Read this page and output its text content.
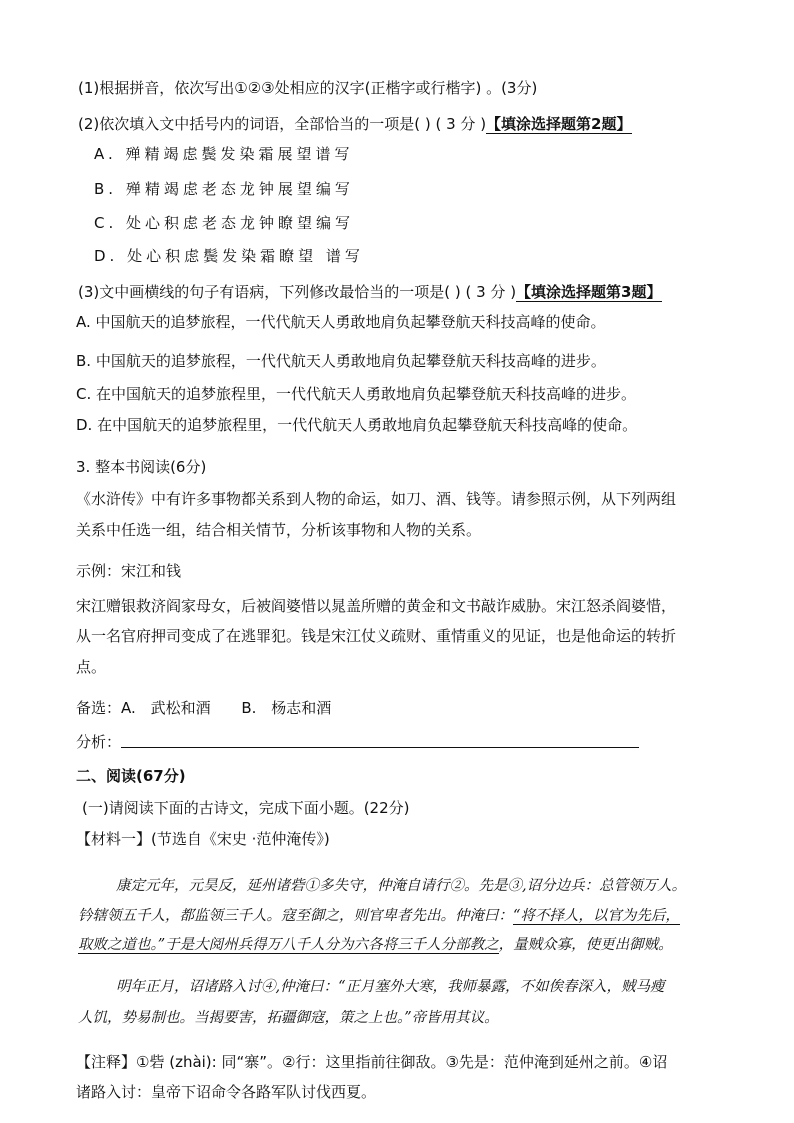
(1)根据拼音，依次写出①②③处相应的汉字(正楷字或行楷字) 。(3分)
(2)依次填入文中括号内的词语，全部恰当的一项是( ) ( 3 分 )【填涂选择题第2题】
A. 殚精竭虑鬓发染霜展望谱写
B. 殚精竭虑老态龙钟展望编写
C. 处心积虑老态龙钟瞭望编写
D. 处心积虑鬓发染霜瞭望 谱写
(3)文中画横线的句子有语病，下列修改最恰当的一项是( ) ( 3 分 )【填涂选择题第3题】
A. 中国航天的追梦旅程，一代代航天人勇敢地肩负起攀登航天科技高峰的使命。
B. 中国航天的追梦旅程，一代代航天人勇敢地肩负起攀登航天科技高峰的进步。
C. 在中国航天的追梦旅程里，一代代航天人勇敢地肩负起攀登航天科技高峰的进步。
D. 在中国航天的追梦旅程里，一代代航天人勇敢地肩负起攀登航天科技高峰的使命。
3. 整本书阅读(6分)
《水浒传》中有许多事物都关系到人物的命运，如刀、酒、钱等。请参照示例，从下列两组
关系中任选一组，结合相关情节，分析该事物和人物的关系。
示例：宋江和钱
宋江赠银救济阎家母女，后被阎婆惜以晁盖所赠的黄金和文书敲诈威胁。宋江怒杀阎婆惜，
从一名官府押司变成了在逃罪犯。钱是宋江仗义疏财、重情重义的见证，也是他命运的转折
点。
备选：A. 武松和酒 B. 杨志和酒
分析：
二、阅读(67分)
(一)请阅读下面的古诗文，完成下面小题。(22分)
【材料一】(节选自《宋史 ·范仲淹传》)
康定元年，元昊反，延州诸砦①多失守，仲淹自请行②。先是③,诏分边兵：总管领万人。
钤辖领五千人，都监领三千人。寇至御之，则官卑者先出。仲淹曰：“将不择人，以官为先后，
取败之道也。”于是大阅州兵得万八千人分为六各将三千人分部教之，量贼众寡，使更出御贼。
明年正月，诏诸路入讨④,仲淹曰：“正月塞外大寒，我师暴露，不如俟春深入，贼马瘦
人饥，势易制也。当揭要害，拓疆御寇，策之上也。”帝皆用其议。
【注释】①砦 (zhài): 同“寨”。②行：这里指前往御敌。③先是：范仲淹到延州之前。④诏
诸路入讨：皇帝下诏命令各路军队讨伐西夏。
